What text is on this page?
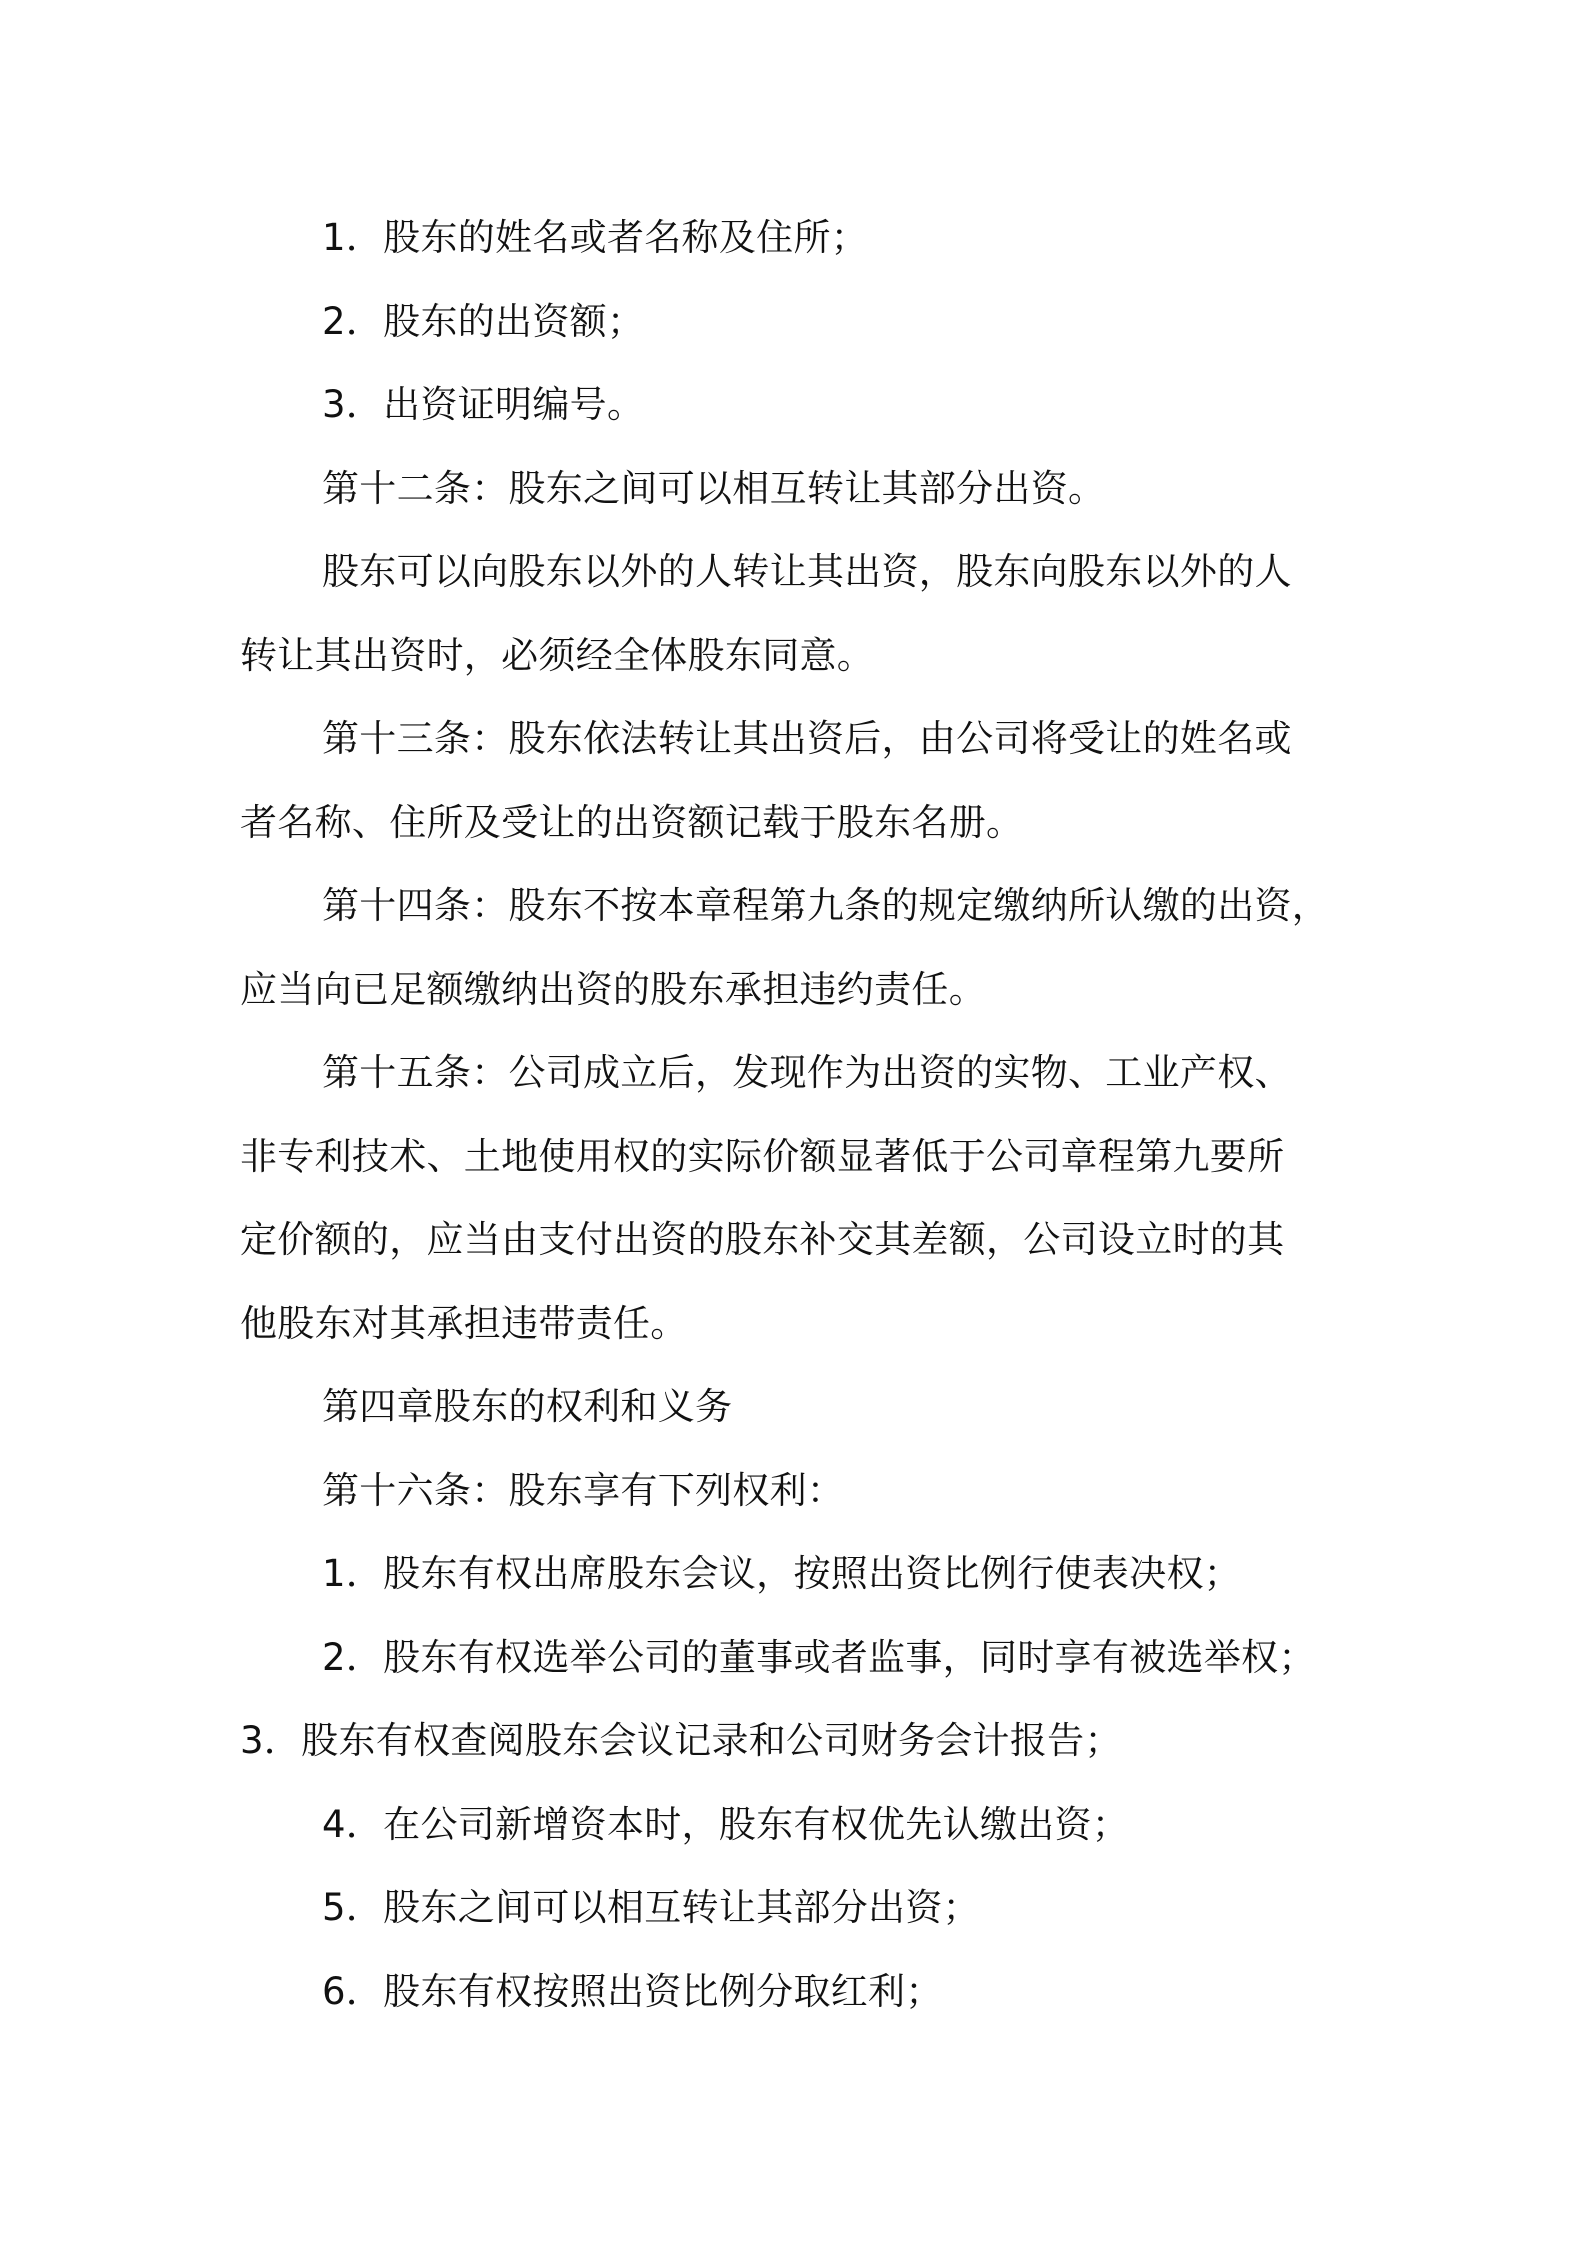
1．股东的姓名或者名称及住所；
2．股东的出资额；
3．出资证明编号。
第十二条：股东之间可以相互转让其部分出资。
股东可以向股东以外的人转让其出资，股东向股东以外的人
转让其出资时，必须经全体股东同意。
第十三条：股东依法转让其出资后，由公司将受让的姓名或
者名称、住所及受让的出资额记载于股东名册。
第十四条：股东不按本章程第九条的规定缴纳所认缴的出资，
应当向已足额缴纳出资的股东承担违约责任。
第十五条：公司成立后，发现作为出资的实物、工业产权、
非专利技术、土地使用权的实际价额显著低于公司章程第九要所
定价额的，应当由支付出资的股东补交其差额，公司设立时的其
他股东对其承担违带责任。
第四章股东的权利和义务
第十六条：股东享有下列权利：
1．股东有权出席股东会议，按照出资比例行使表决权；
2．股东有权选举公司的董事或者监事，同时享有被选举权；
3．股东有权查阅股东会议记录和公司财务会计报告；
4．在公司新增资本时，股东有权优先认缴出资；
5．股东之间可以相互转让其部分出资；
6．股东有权按照出资比例分取红利；
